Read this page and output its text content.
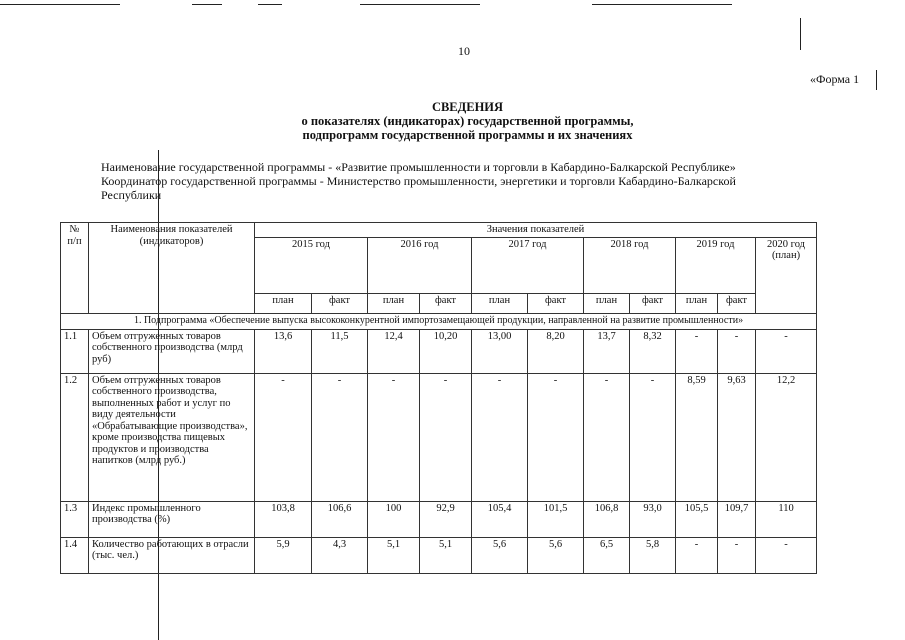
10
«Форма 1
СВЕДЕНИЯ
о показателях (индикаторах) государственной программы,
подпрограмм государственной программы и их значениях
Наименование государственной программы - «Развитие промышленности и торговли в Кабардино-Балкарской Республике»
Координатор государственной программы - Министерство промышленности, энергетики и торговли Кабардино-Балкарской
Республики
№ п/п	Наименования показателей (индикаторов)	Значения показателей										
		2015 год		2016 год		2017 год		2018 год		2019 год		2020 год (план)
		план	факт	план	факт	план	факт	план	факт	план	факт	
1. Подпрограмма «Обеспечение выпуска высококонкурентной импортозамещающей продукции, направленной на развитие промышленности»												
1.1	Объем отгруженных товаров собственного производства (млрд руб)	13,6	11,5	12,4	10,20	13,00	8,20	13,7	8,32	-	-	-
1.2	Объем отгруженных товаров собственного производства, выполненных работ и услуг по виду деятельности «Обрабатывающие производства», кроме производства пищевых продуктов и производства напитков (млрд руб.)	-	-	-	-	-	-	-	-	8,59	9,63	12,2
1.3	Индекс промышленного производства (%)	103,8	106,6	100	92,9	105,4	101,5	106,8	93,0	105,5	109,7	110
1.4	Количество работающих в отрасли (тыс. чел.)	5,9	4,3	5,1	5,1	5,6	5,6	6,5	5,8	-	-	-
